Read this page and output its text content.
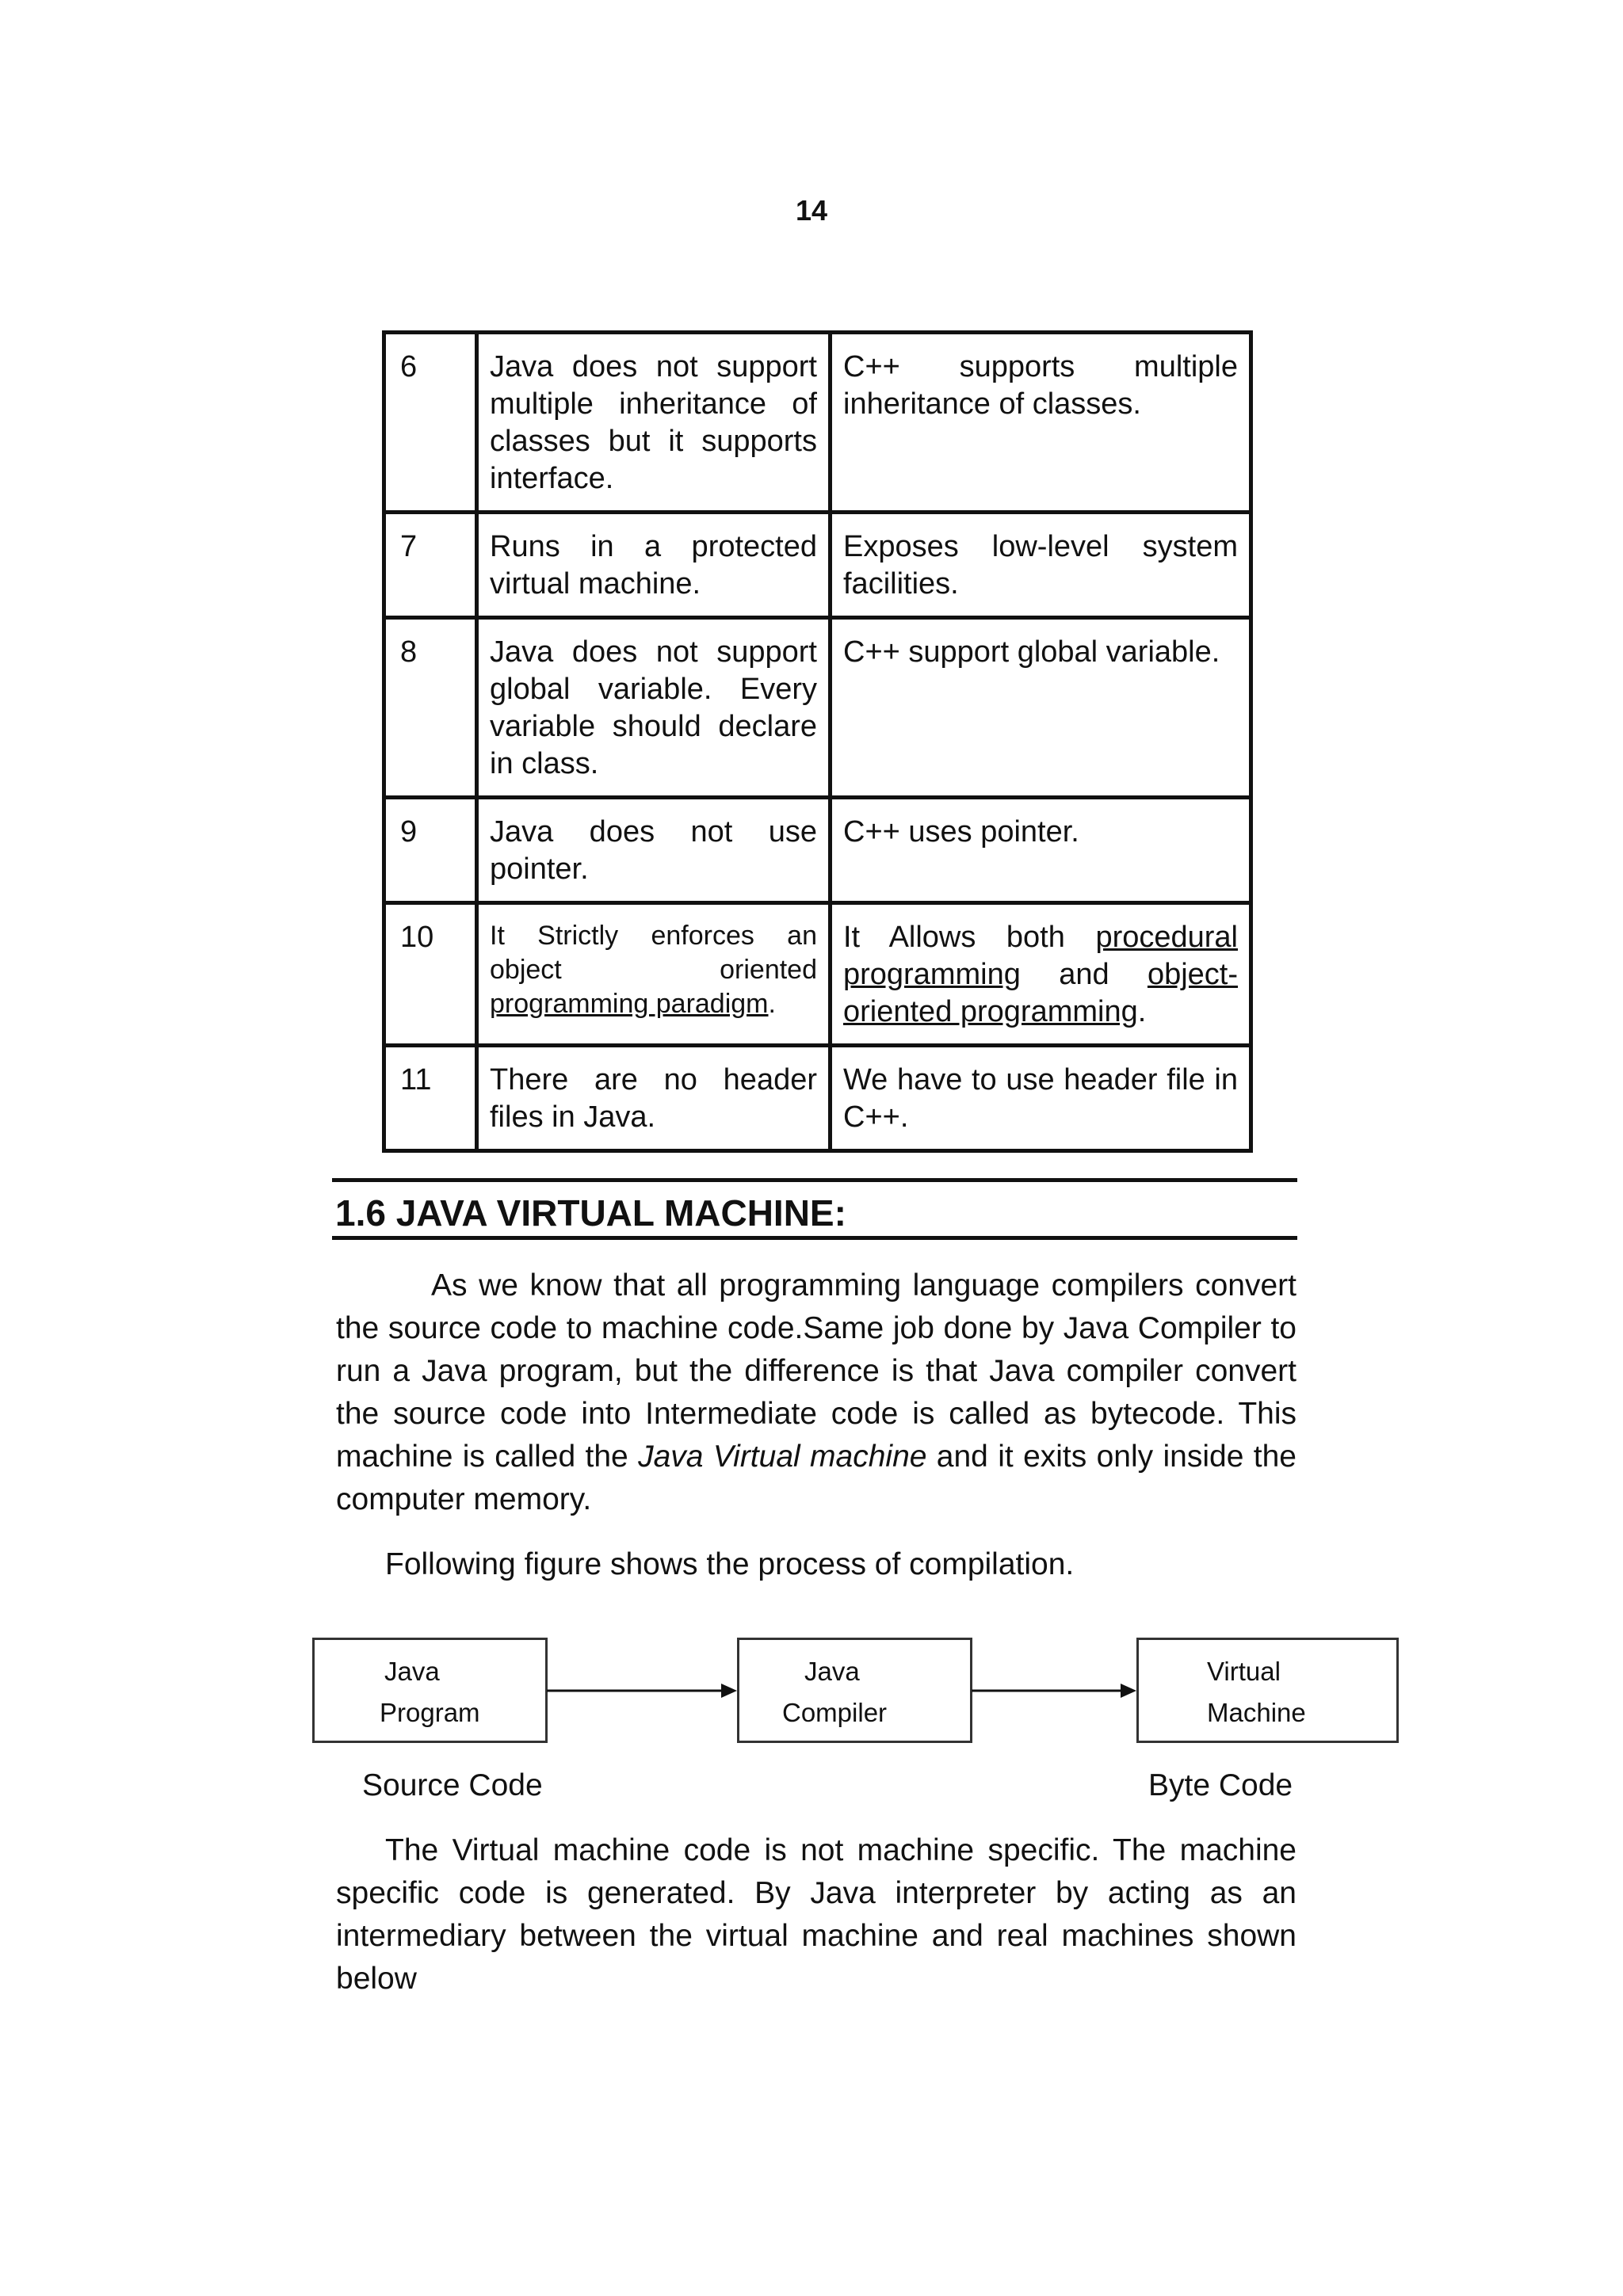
14
6	Java does not support multiple inheritance of classes but it supports interface.	C++ supports multiple inheritance of classes.
7	Runs in a protected virtual machine.	Exposes low-level system facilities.
8	Java does not support global variable. Every variable should declare in class.	C++ support global variable.
9	Java does not use pointer.	C++ uses pointer.
10	It Strictly enforces an object oriented programming paradigm.	It Allows both procedural programming and object-oriented programming.
11	There are no header files in Java.	We have to use header file in C++.
1.6 JAVA VIRTUAL MACHINE:

As we know that all programming language compilers convert the source code to machine code.Same job done by Java Compiler to run a Java program, but the difference is that Java compiler convert the source code into Intermediate code is called as bytecode. This machine is called the Java Virtual machine and it exits only inside the computer memory.

Following figure shows the process of compilation.
Java
Program
Java
Compiler
Virtual
Machine
Source Code	Byte Code

The Virtual machine code is not machine specific. The machine specific code is generated. By Java interpreter by acting as an intermediary between the virtual machine and real machines shown below
